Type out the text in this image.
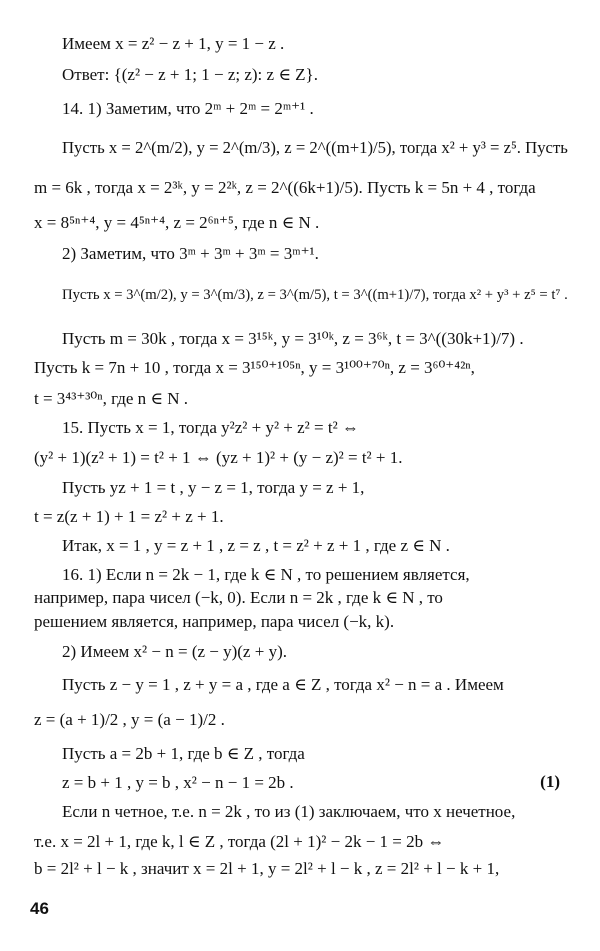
Имеем x = z² − z + 1, y = 1 − z .
Ответ: {(z² − z + 1; 1 − z; z): z ∈ Z}.
14. 1) Заметим, что 2ᵐ + 2ᵐ = 2ᵐ⁺¹ .
Пусть x = 2^(m/2), y = 2^(m/3), z = 2^((m+1)/5), тогда x² + y³ = z⁵. Пусть
m = 6k , тогда x = 2³ᵏ, y = 2²ᵏ, z = 2^((6k+1)/5). Пусть k = 5n + 4 , тогда
x = 8⁵ⁿ⁺⁴, y = 4⁵ⁿ⁺⁴, z = 2⁶ⁿ⁺⁵, где n ∈ N .
2) Заметим, что 3ᵐ + 3ᵐ + 3ᵐ = 3ᵐ⁺¹.
Пусть x = 3^(m/2), y = 3^(m/3), z = 3^(m/5), t = 3^((m+1)/7), тогда x² + y³ + z⁵ = t⁷ .
Пусть m = 30k , тогда x = 3¹⁵ᵏ, y = 3¹⁰ᵏ, z = 3⁶ᵏ, t = 3^((30k+1)/7) .
Пусть k = 7n + 10 , тогда x = 3¹⁵⁰⁺¹⁰⁵ⁿ, y = 3¹⁰⁰⁺⁷⁰ⁿ, z = 3⁶⁰⁺⁴²ⁿ,
t = 3⁴³⁺³⁰ⁿ, где n ∈ N .
15. Пусть x = 1, тогда y²z² + y² + z² = t² ⇔
(y² + 1)(z² + 1) = t² + 1 ⇔ (yz + 1)² + (y − z)² = t² + 1.
Пусть yz + 1 = t , y − z = 1, тогда y = z + 1,
t = z(z + 1) + 1 = z² + z + 1.
Итак, x = 1 , y = z + 1 , z = z , t = z² + z + 1 , где z ∈ N .
16. 1) Если n = 2k − 1, где k ∈ N , то решением является,
например, пара чисел (−k, 0). Если n = 2k , где k ∈ N , то
решением является, например, пара чисел (−k, k).
2) Имеем x² − n = (z − y)(z + y).
Пусть z − y = 1 , z + y = a , где a ∈ Z , тогда x² − n = a . Имеем
z = (a + 1)/2 , y = (a − 1)/2 .
Пусть a = 2b + 1, где b ∈ Z , тогда
z = b + 1 , y = b , x² − n − 1 = 2b .	(1)
Если n четное, т.е. n = 2k , то из (1) заключаем, что x нечетное,
т.е. x = 2l + 1, где k, l ∈ Z , тогда (2l + 1)² − 2k − 1 = 2b ⇔
b = 2l² + l − k , значит x = 2l + 1, y = 2l² + l − k , z = 2l² + l − k + 1,
46
